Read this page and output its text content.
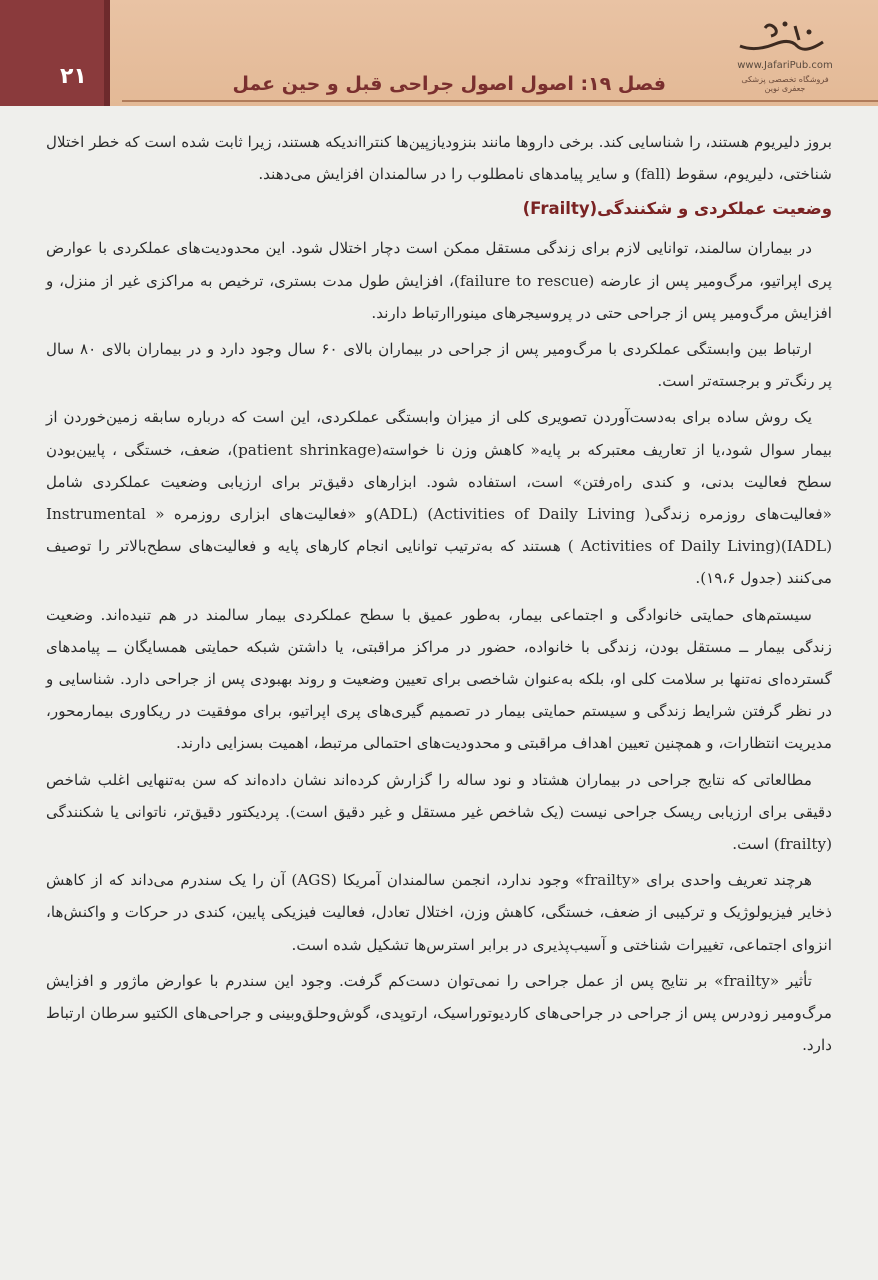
۲۱	فصل ۱۹: اصول اصول جراحی قبل و حین عمل
www.JafariPub.com
فروشگاه تخصصی پزشکی جعفری نوین

بروز دلیریوم هستند، را شناسایی کند. برخی داروها مانند بنزودیازپین‌ها کنترااندیکه هستند، زیرا ثابت شده است که خطر اختلال شناختی، دلیریوم، سقوط (fall) و سایر پیامدهای نامطلوب را در سالمندان افزایش می‌دهند.

وضعیت عملکردی و شکنندگی(Frailty)

در بیماران سالمند، توانایی لازم برای زندگی مستقل ممکن است دچار اختلال شود. این محدودیت‌های عملکردی با عوارض پری اپراتیو، مرگ‌ومیر پس از عارضه (failure to rescue)، افزایش طول مدت بستری، ترخیص به مراکزی غیر از منزل، و افزایش مرگ‌ومیر پس از جراحی حتی در پروسیجرهای مینوراارتباط دارند.

ارتباط بین وابستگی عملکردی با مرگ‌ومیر پس از جراحی در بیماران بالای ۶۰ سال وجود دارد و در بیماران بالای ۸۰ سال پر رنگ‌تر و برجسته‌تر است.

یک روش ساده برای به‌دست‌آوردن تصویری کلی از میزان وابستگی عملکردی، این است که درباره سابقه زمین‌خوردن از بیمار سوال شود،یا از تعاریف معتبرکه بر پایه« کاهش وزن نا خواسته(patient shrinkage)، ضعف، خستگی ، پایین‌بودن سطح فعالیت بدنی، و کندی راه‌رفتن» است، استفاده شود. ابزارهای دقیق‌تر برای ارزیابی وضعیت عملکردی شامل «فعالیت‌های روزمره زندگی( Activities of Daily Living) (ADL)و «فعالیت‌های ابزاری روزمره « Instrumental Activities of Daily Living)(IADL) ) هستند که به‌ترتیب توانایی انجام کارهای پایه و فعالیت‌های سطح‌بالاتر را توصیف می‌کنند (جدول ۱۹،۶).

سیستم‌های حمایتی خانوادگی و اجتماعی بیمار، به‌طور عمیق با سطح عملکردی بیمار سالمند در هم تنیده‌اند. وضعیت زندگی بیمار ــ مستقل بودن، زندگی با خانواده، حضور در مراکز مراقبتی، یا داشتن شبکه حمایتی همسایگان ــ پیامدهای گسترده‌ای نه‌تنها بر سلامت کلی او، بلکه به‌عنوان شاخصی برای تعیین وضعیت و روند بهبودی پس از جراحی دارد. شناسایی و در نظر گرفتن شرایط زندگی و سیستم حمایتی بیمار در تصمیم گیری‌های پری اپراتیو، برای موفقیت در ریکاوری بیمارمحور، مدیریت انتظارات، و همچنین تعیین اهداف مراقبتی و محدودیت‌های احتمالی مرتبط، اهمیت بسزایی دارند.

مطالعاتی که نتایج جراحی در بیماران هشتاد و نود ساله را گزارش کرده‌اند نشان داده‌اند که سن به‌تنهایی اغلب شاخص دقیقی برای ارزیابی ریسک جراحی نیست (یک شاخص غیر مستقل و غیر دقیق است). پردیکتور دقیق‌تر، ناتوانی یا شکنندگی (frailty) است.

هرچند تعریف واحدی برای «frailty» وجود ندارد، انجمن سالمندان آمریکا (AGS) آن را یک سندرم می‌داند که از کاهش ذخایر فیزیولوژیک و ترکیبی از ضعف، خستگی، کاهش وزن، اختلال تعادل، فعالیت فیزیکی پایین، کندی در حرکات و واکنش‌ها، انزوای اجتماعی، تغییرات شناختی و آسیب‌پذیری در برابر استرس‌ها تشکیل شده است.

تأثیر «frailty» بر نتایج پس از عمل جراحی را نمی‌توان دست‌کم گرفت. وجود این سندرم با عوارض ماژور و افزایش مرگ‌ومیر زودرس پس از جراحی در جراحی‌های کاردیوتوراسیک، ارتوپدی، گوش‌وحلق‌وبینی و جراحی‌های الکتیو سرطان ارتباط دارد.
